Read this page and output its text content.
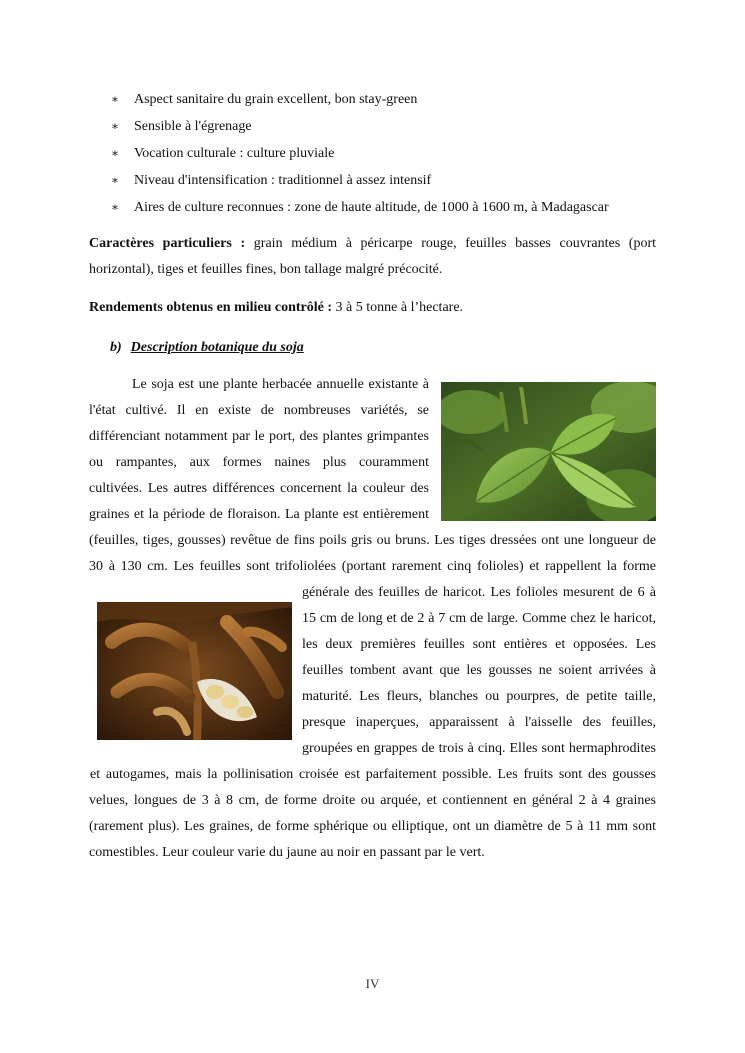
∗ Aspect sanitaire du grain excellent, bon stay-green
∗ Sensible à l'égrenage
∗ Vocation culturale : culture pluviale
∗ Niveau d'intensification : traditionnel à assez intensif
∗ Aires de culture reconnues : zone de haute altitude, de 1000 à 1600 m, à Madagascar

Caractères particuliers : grain médium à péricarpe rouge, feuilles basses couvrantes (port horizontal), tiges et feuilles fines, bon tallage malgré précocité.

Rendements obtenus en milieu contrôlé : 3 à 5 tonne à l’hectare.

b) Description botanique du soja

Le soja est une plante herbacée annuelle existante à l'état cultivé. Il en existe de nombreuses variétés, se différenciant notamment par le port, des plantes grimpantes ou rampantes, aux formes naines plus couramment cultivées. Les autres différences concernent la couleur des graines et la période de floraison. La plante est entièrement (feuilles, tiges, gousses) revêtue de fins poils gris ou bruns. Les tiges dressées ont une longueur de 30 à 130 cm. Les feuilles sont trifoliolées (portant rarement cinq folioles) et rappellent la forme générale des feuilles de haricot. Les
folioles mesurent de 6 à 15 cm de long et de 2 à 7 cm de large. Comme chez le haricot, les deux premières feuilles sont entières et opposées. Les feuilles tombent avant que les gousses ne soient arrivées à maturité. Les fleurs, blanches ou pourpres, de petite taille, presque inaperçues, apparaissent à l'aisselle des feuilles, groupées en grappes de trois à cinq. Elles sont hermaphrodites et autogames, mais la pollinisation croisée est parfaitement possible. Les fruits sont des gousses velues, longues de 3 à 8 cm, de forme droite ou arquée, et contiennent en général 2 à 4 graines (rarement plus). Les graines, de forme sphérique ou elliptique, ont un diamètre de 5 à 11 mm sont comestibles. Leur couleur varie du jaune au noir en passant par le vert.
IV
